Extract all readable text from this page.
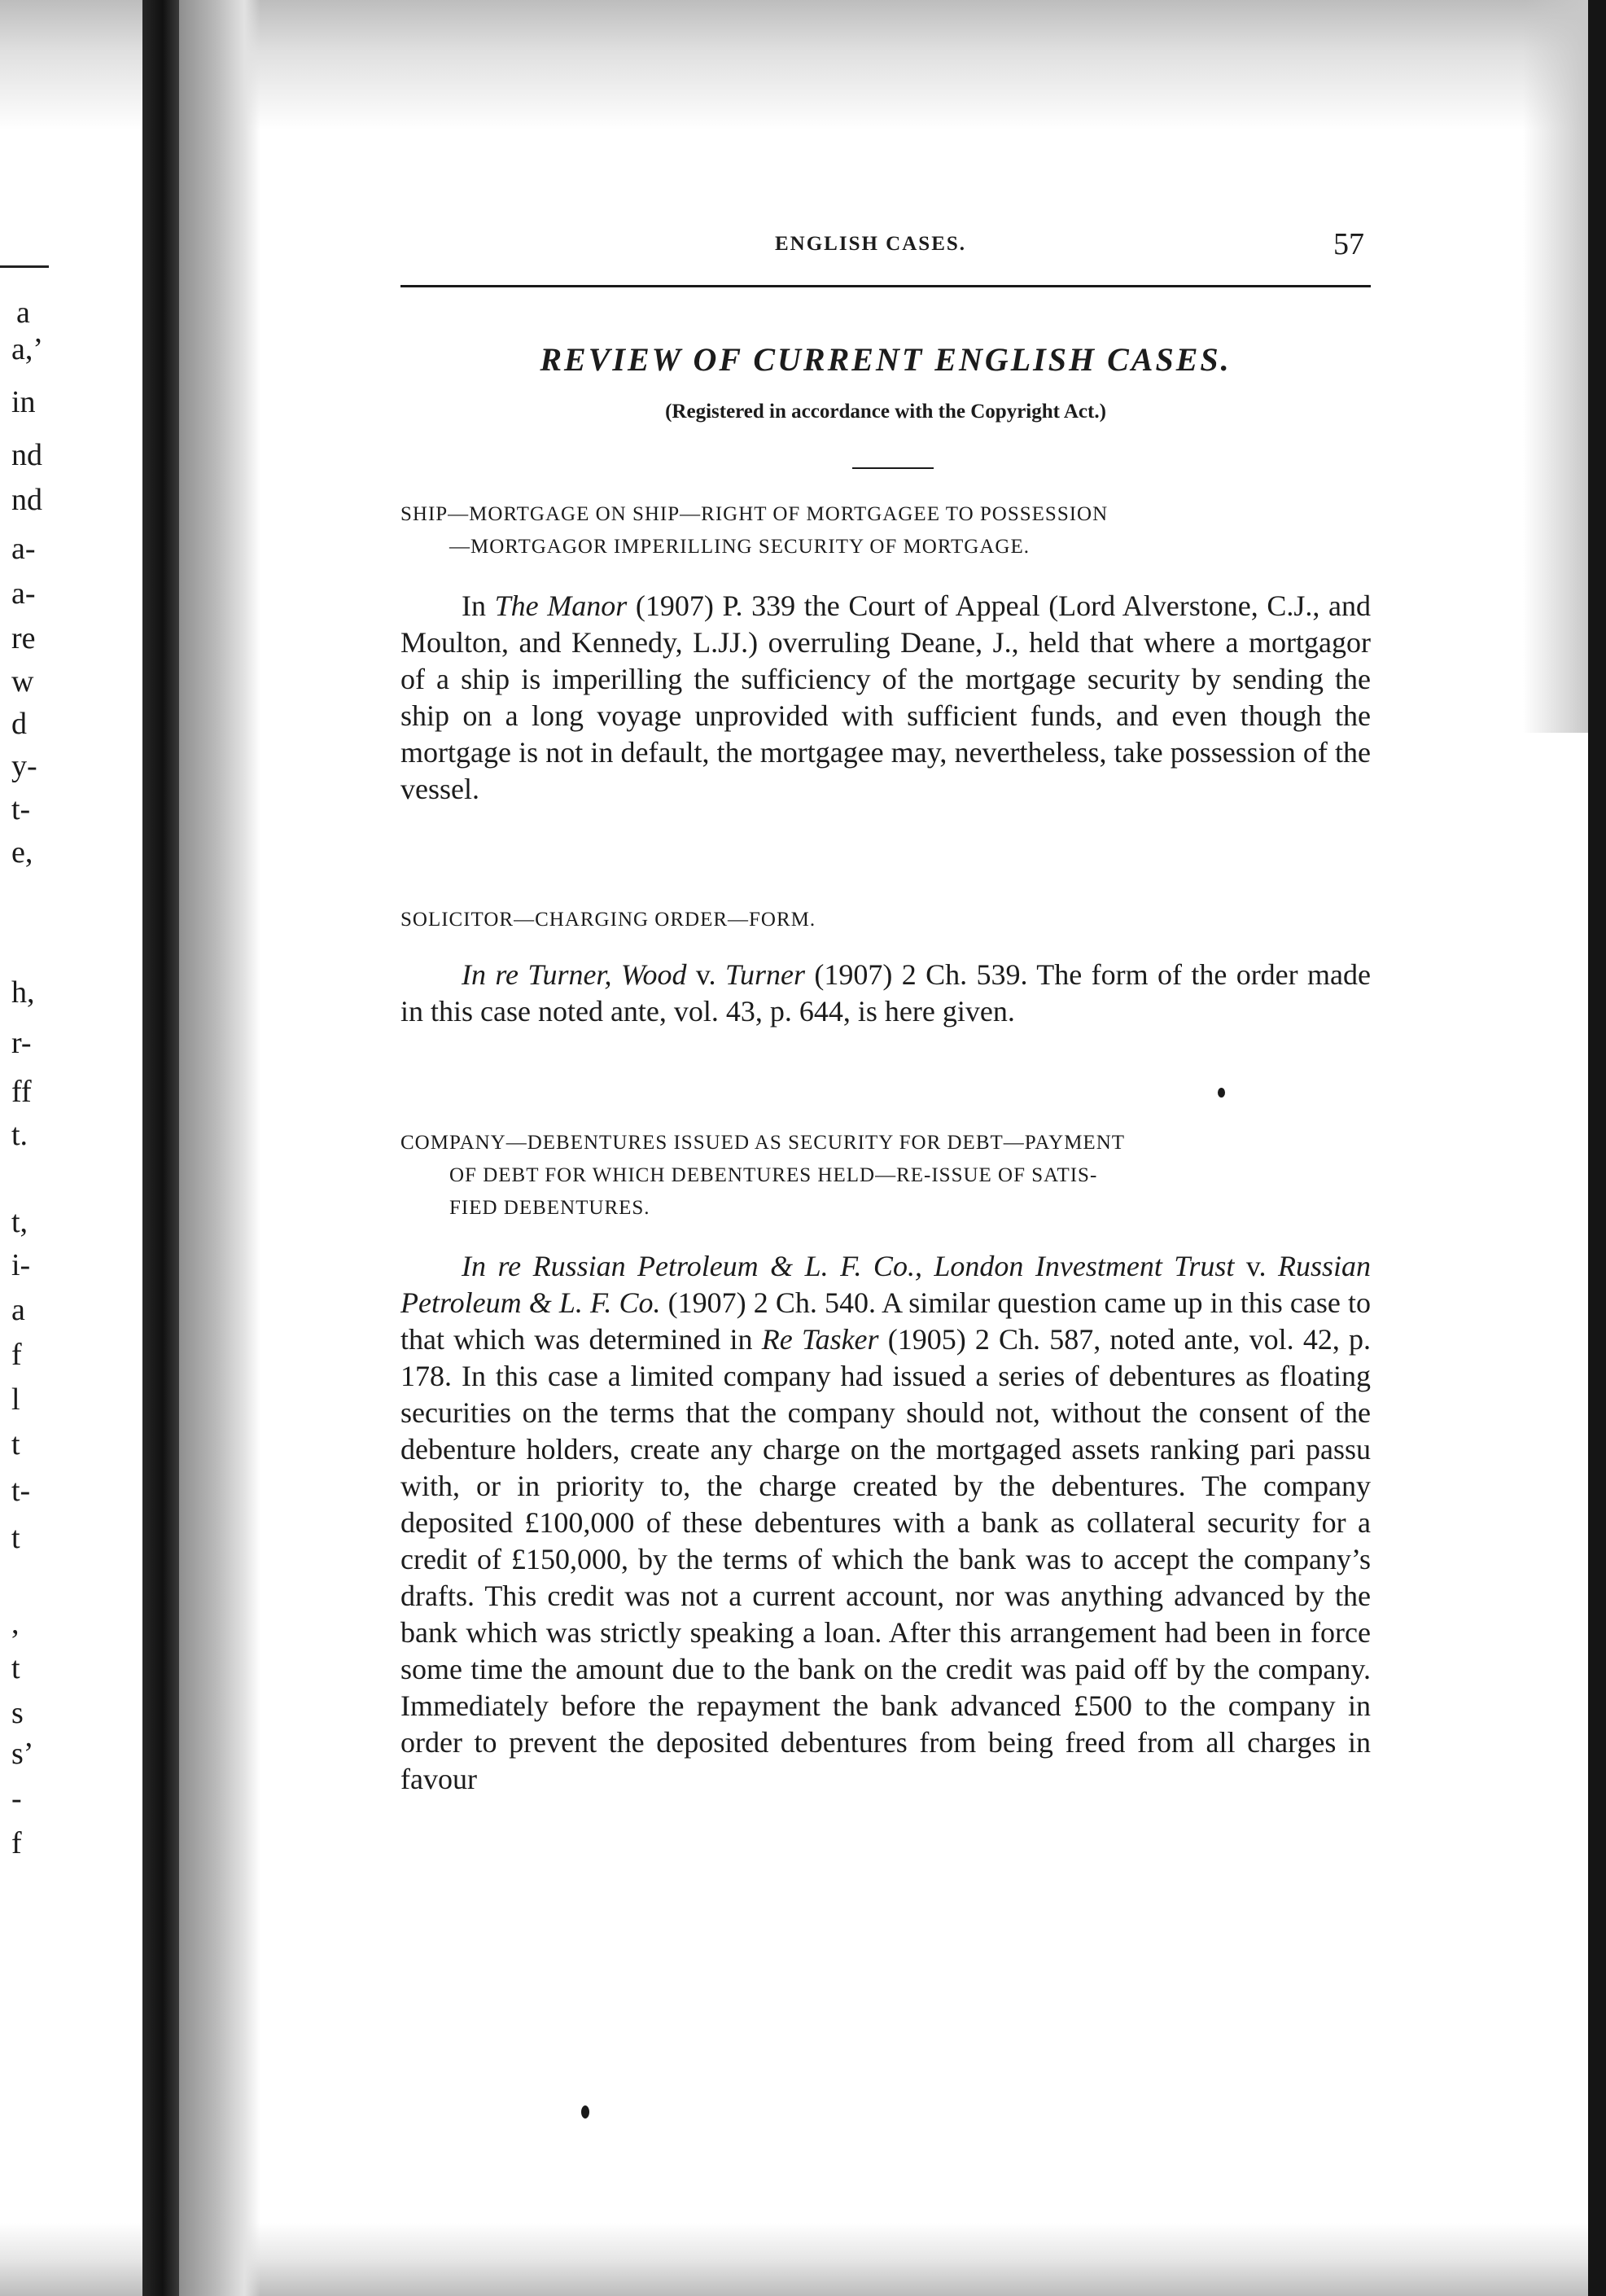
a
a,’
in
nd
nd
a-
a-
re
w
d
y-
t-
e,
h,
r-
ff
t.
t,
i-
a
f
l
t
t-
t
,
t
s
s’
-
f
ENGLISH CASES.	57
REVIEW OF CURRENT ENGLISH CASES.
(Registered in accordance with the Copyright Act.)
SHIP—MORTGAGE ON SHIP—RIGHT OF MORTGAGEE TO POSSESSION
—MORTGAGOR IMPERILLING SECURITY OF MORTGAGE.

In The Manor (1907) P. 339 the Court of Appeal (Lord Alverstone, C.J., and Moulton, and Kennedy, L.JJ.) overruling Deane, J., held that where a mortgagor of a ship is imperilling the sufficiency of the mortgage security by sending the ship on a long voyage unprovided with sufficient funds, and even though the mortgage is not in default, the mortgagee may, nevertheless, take possession of the vessel.

SOLICITOR—CHARGING ORDER—FORM.

In re Turner, Wood v. Turner (1907) 2 Ch. 539. The form of the order made in this case noted ante, vol. 43, p. 644, is here given.

COMPANY—DEBENTURES ISSUED AS SECURITY FOR DEBT—PAYMENT
OF DEBT FOR WHICH DEBENTURES HELD—RE-ISSUE OF SATIS-
FIED DEBENTURES.

In re Russian Petroleum & L. F. Co., London Investment Trust v. Russian Petroleum & L. F. Co. (1907) 2 Ch. 540. A similar question came up in this case to that which was determined in Re Tasker (1905) 2 Ch. 587, noted ante, vol. 42, p. 178. In this case a limited company had issued a series of debentures as floating securities on the terms that the company should not, without the consent of the debenture holders, create any charge on the mortgaged assets ranking pari passu with, or in priority to, the charge created by the debentures. The company deposited £100,000 of these debentures with a bank as collateral security for a credit of £150,000, by the terms of which the bank was to accept the company’s drafts. This credit was not a current account, nor was anything advanced by the bank which was strictly speaking a loan. After this arrangement had been in force some time the amount due to the bank on the credit was paid off by the company. Immediately before the repayment the bank advanced £500 to the company in order to prevent the deposited debentures from being freed from all charges in favour
